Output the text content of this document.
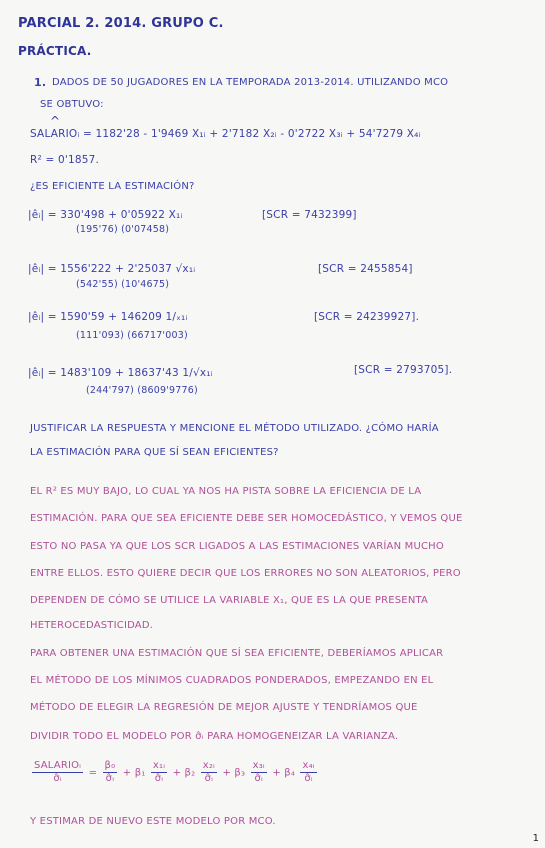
PARCIAL 2. 2014. GRUPO C.
PRÁCTICA.
1. DADOS DE 50 JUGADORES EN LA TEMPORADA 2013-2014. UTILIZANDO MCO
SE OBTUVO:
^
SALARIOᵢ = 1182'28 - 1'9469 X₁ᵢ + 2'7182 X₂ᵢ - 0'2722 X₃ᵢ + 54'7279 X₄ᵢ
R² = 0'1857.
¿ES EFICIENTE LA ESTIMACIÓN?
|êᵢ| = 330'498 + 0'05922 X₁ᵢ	[SCR = 7432399]
(195'76) (0'07458)
|êᵢ| = 1556'222 + 2'25037 √x₁ᵢ	[SCR = 2455854]
(542'55) (10'4675)
|êᵢ| = 1590'59 + 146209 1/ₓ₁ᵢ	[SCR = 24239927].
(111'093) (66717'003)
|êᵢ| = 1483'109 + 18637'43 1/√x₁ᵢ	[SCR = 2793705].
(244'797) (8609'9776)
JUSTIFICAR LA RESPUESTA Y MENCIONE EL MÉTODO UTILIZADO. ¿CÓMO HARÍA
LA ESTIMACIÓN PARA QUE SÍ SEAN EFICIENTES?
EL R² ES MUY BAJO, LO CUAL YA NOS HA PISTA SOBRE LA EFICIENCIA DE LA
ESTIMACIÓN. PARA QUE SEA EFICIENTE DEBE SER HOMOCEDÁSTICO, Y VEMOS QUE
ESTO NO PASA YA QUE LOS SCR LIGADOS A LAS ESTIMACIONES VARÍAN MUCHO
ENTRE ELLOS. ESTO QUIERE DECIR QUE LOS ERRORES NO SON ALEATORIOS, PERO
DEPENDEN DE CÓMO SE UTILICE LA VARIABLE X₁, QUE ES LA QUE PRESENTA
HETEROCEDASTICIDAD.
PARA OBTENER UNA ESTIMACIÓN QUE SÍ SEA EFICIENTE, DEBERÍAMOS APLICAR
EL MÉTODO DE LOS MÍNIMOS CUADRADOS PONDERADOS, EMPEZANDO EN EL
MÉTODO DE ELEGIR LA REGRESIÓN DE MEJOR AJUSTE Y TENDRÍAMOS QUE
DIVIDIR TODO EL MODELO POR σ̂ᵢ PARA HOMOGENEIZAR LA VARIANZA.
$\frac{\text{SALARIOᵢ}}{\text{σ̂ᵢ}} = \frac{\text{β₀}}{\text{σ̂ᵢ}} + \beta_1 \frac{\text{x₁ᵢ}}{\text{σ̂ᵢ}} + \beta_2 \frac{\text{x₂ᵢ}}{\text{σ̂ᵢ}} + \beta_3 \frac{\text{x₃ᵢ}}{\text{σ̂ᵢ}} + \beta_4 \frac{\text{x₄ᵢ}}{\text{σ̂ᵢ}}$
Y ESTIMAR DE NUEVO ESTE MODELO POR MCO.
1
